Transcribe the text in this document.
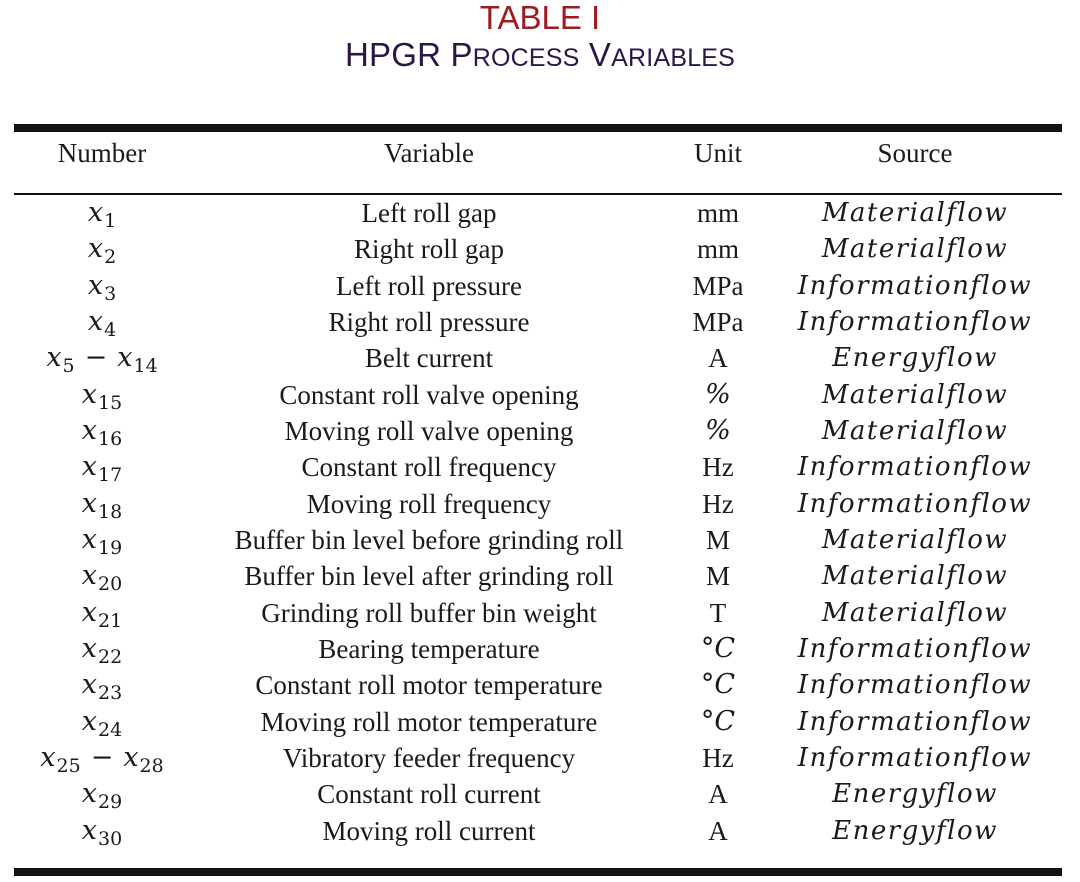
TABLE I
HPGR PROCESS VARIABLES
Number	Variable	Unit	Source
$x_1$	Left roll gap	mm	Materialflow
$x_2$	Right roll gap	mm	Materialflow
$x_3$	Left roll pressure	MPa	Informationflow
$x_4$	Right roll pressure	MPa	Informationflow
$x_5 - x_{14}$	Belt current	A	Energyflow
$x_{15}$	Constant roll valve opening	%	Materialflow
$x_{16}$	Moving roll valve opening	%	Materialflow
$x_{17}$	Constant roll frequency	Hz	Informationflow
$x_{18}$	Moving roll frequency	Hz	Informationflow
$x_{19}$	Buffer bin level before grinding roll	M	Materialflow
$x_{20}$	Buffer bin level after grinding roll	M	Materialflow
$x_{21}$	Grinding roll buffer bin weight	T	Materialflow
$x_{22}$	Bearing temperature	°C	Informationflow
$x_{23}$	Constant roll motor temperature	°C	Informationflow
$x_{24}$	Moving roll motor temperature	°C	Informationflow
$x_{25} - x_{28}$	Vibratory feeder frequency	Hz	Informationflow
$x_{29}$	Constant roll current	A	Energyflow
$x_{30}$	Moving roll current	A	Energyflow
